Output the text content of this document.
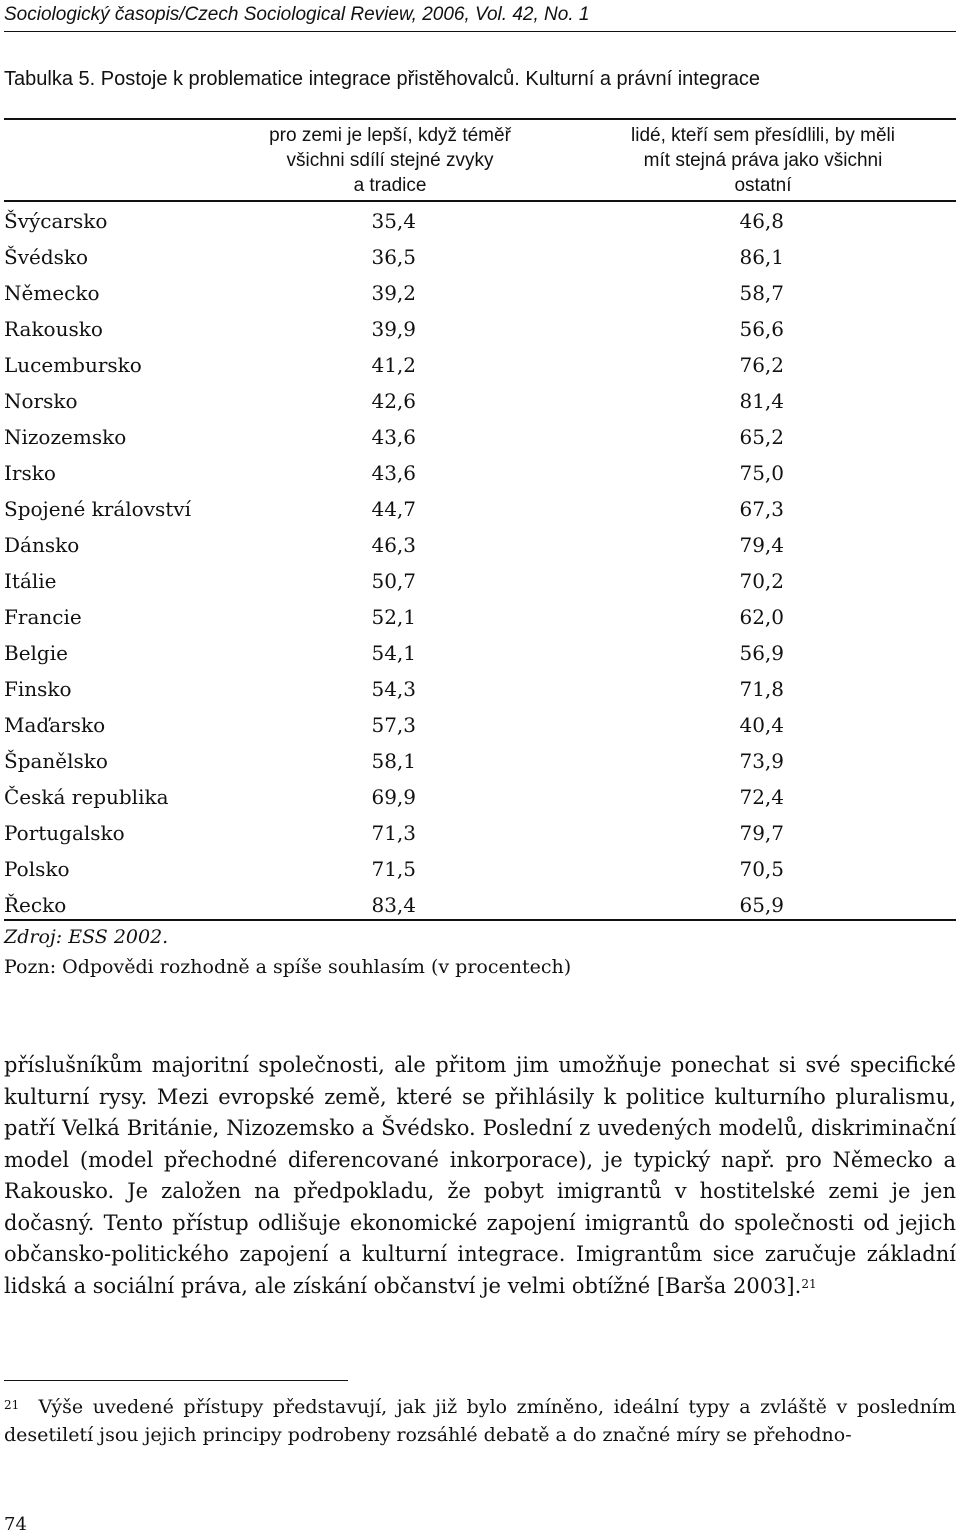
Sociologický časopis/Czech Sociological Review, 2006, Vol. 42, No. 1
Tabulka 5. Postoje k problematice integrace přistěhovalců. Kulturní a právní integrace
pro zemi je lepší, když téměř
všichni sdílí stejné zvyky
a tradice
lidé, kteří sem přesídlili, by měli
mít stejná práva jako všichni
ostatní
Švýcarsko	35,4	46,8
Švédsko	36,5	86,1
Německo	39,2	58,7
Rakousko	39,9	56,6
Lucembursko	41,2	76,2
Norsko	42,6	81,4
Nizozemsko	43,6	65,2
Irsko	43,6	75,0
Spojené království	44,7	67,3
Dánsko	46,3	79,4
Itálie	50,7	70,2
Francie	52,1	62,0
Belgie	54,1	56,9
Finsko	54,3	71,8
Maďarsko	57,3	40,4
Španělsko	58,1	73,9
Česká republika	69,9	72,4
Portugalsko	71,3	79,7
Polsko	71,5	70,5
Řecko	83,4	65,9
Zdroj: ESS 2002.
Pozn: Odpovědi rozhodně a spíše souhlasím (v procentech)
příslušníkům majoritní společnosti, ale přitom jim umožňuje ponechat si své specifické kulturní rysy. Mezi evropské země, které se přihlásily k politice kulturního pluralismu, patří Velká Británie, Nizozemsko a Švédsko. Poslední z uvedených modelů, diskriminační model (model přechodné diferencované inkorporace), je typický např. pro Německo a Rakousko. Je založen na předpokladu, že pobyt imigrantů v hostitelské zemi je jen dočasný. Tento přístup odlišuje ekonomické zapojení imigrantů do společnosti od jejich občansko-politického zapojení a kulturní integrace. Imigrantům sice zaručuje základní lidská a sociální práva, ale získání občanství je velmi obtížné [Barša 2003].$^{21}$
$^{21}$ Výše uvedené přístupy představují, jak již bylo zmíněno, ideální typy a zvláště v posledním desetiletí jsou jejich principy podrobeny rozsáhlé debatě a do značné míry se přehodno-
74
